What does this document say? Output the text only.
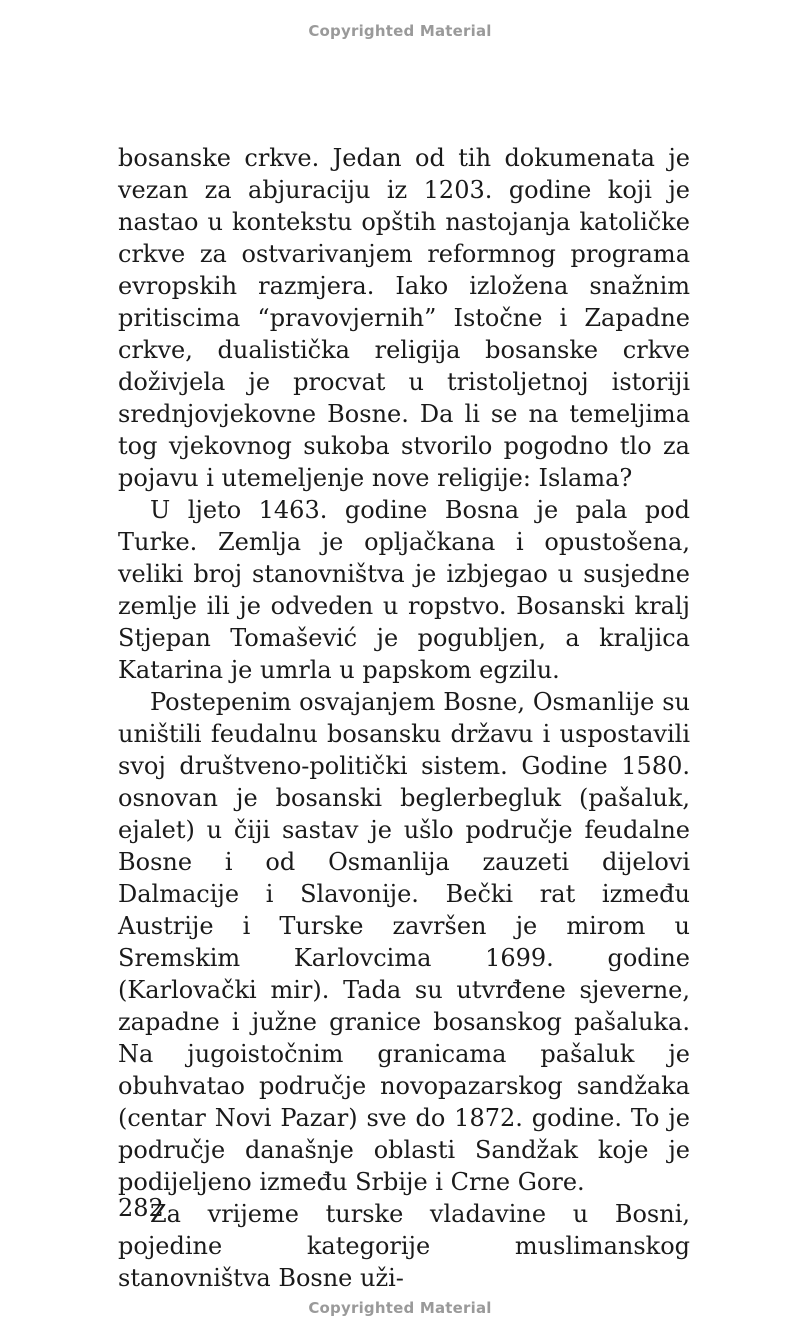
Copyrighted Material

bosanske crkve. Jedan od tih dokumenata je vezan za abjuraciju iz 1203. godine koji je nastao u kontekstu opštih nastojanja katoličke crkve za ostvarivanjem reformnog programa evropskih razmjera. Iako izložena snažnim pritiscima “pravovjernih” Istočne i Zapadne crkve, dualistička religija bosanske crkve doživjela je procvat u tristoljetnoj istoriji srednjovjekovne Bosne. Da li se na temeljima tog vjekovnog sukoba stvorilo pogodno tlo za pojavu i utemeljenje nove religije: Islama?

U ljeto 1463. godine Bosna je pala pod Turke. Zemlja je opljačkana i opustošena, veliki broj stanovništva je izbjegao u susjedne zemlje ili je odveden u ropstvo. Bosanski kralj Stjepan Tomašević je pogubljen, a kraljica Katarina je umrla u papskom egzilu.

Postepenim osvajanjem Bosne, Osmanlije su uništili feudalnu bosansku državu i uspostavili svoj društveno-politički sistem. Godine 1580. osnovan je bosanski beglerbegluk (pašaluk, ejalet) u čiji sastav je ušlo područje feudalne Bosne i od Osmanlija zauzeti dijelovi Dalmacije i Slavonije. Bečki rat između Austrije i Turske završen je mirom u Sremskim Karlovcima 1699. godine (Karlovački mir). Tada su utvrđene sjeverne, zapadne i južne granice bosanskog pašaluka. Na jugoistočnim granicama pašaluk je obuhvatao područje novopazarskog sandžaka (centar Novi Pazar) sve do 1872. godine. To je područje današnje oblasti Sandžak koje je podijeljeno između Srbije i Crne Gore.

Za vrijeme turske vladavine u Bosni, pojedine kategorije muslimanskog stanovništva Bosne uži-

282
Copyrighted Material
